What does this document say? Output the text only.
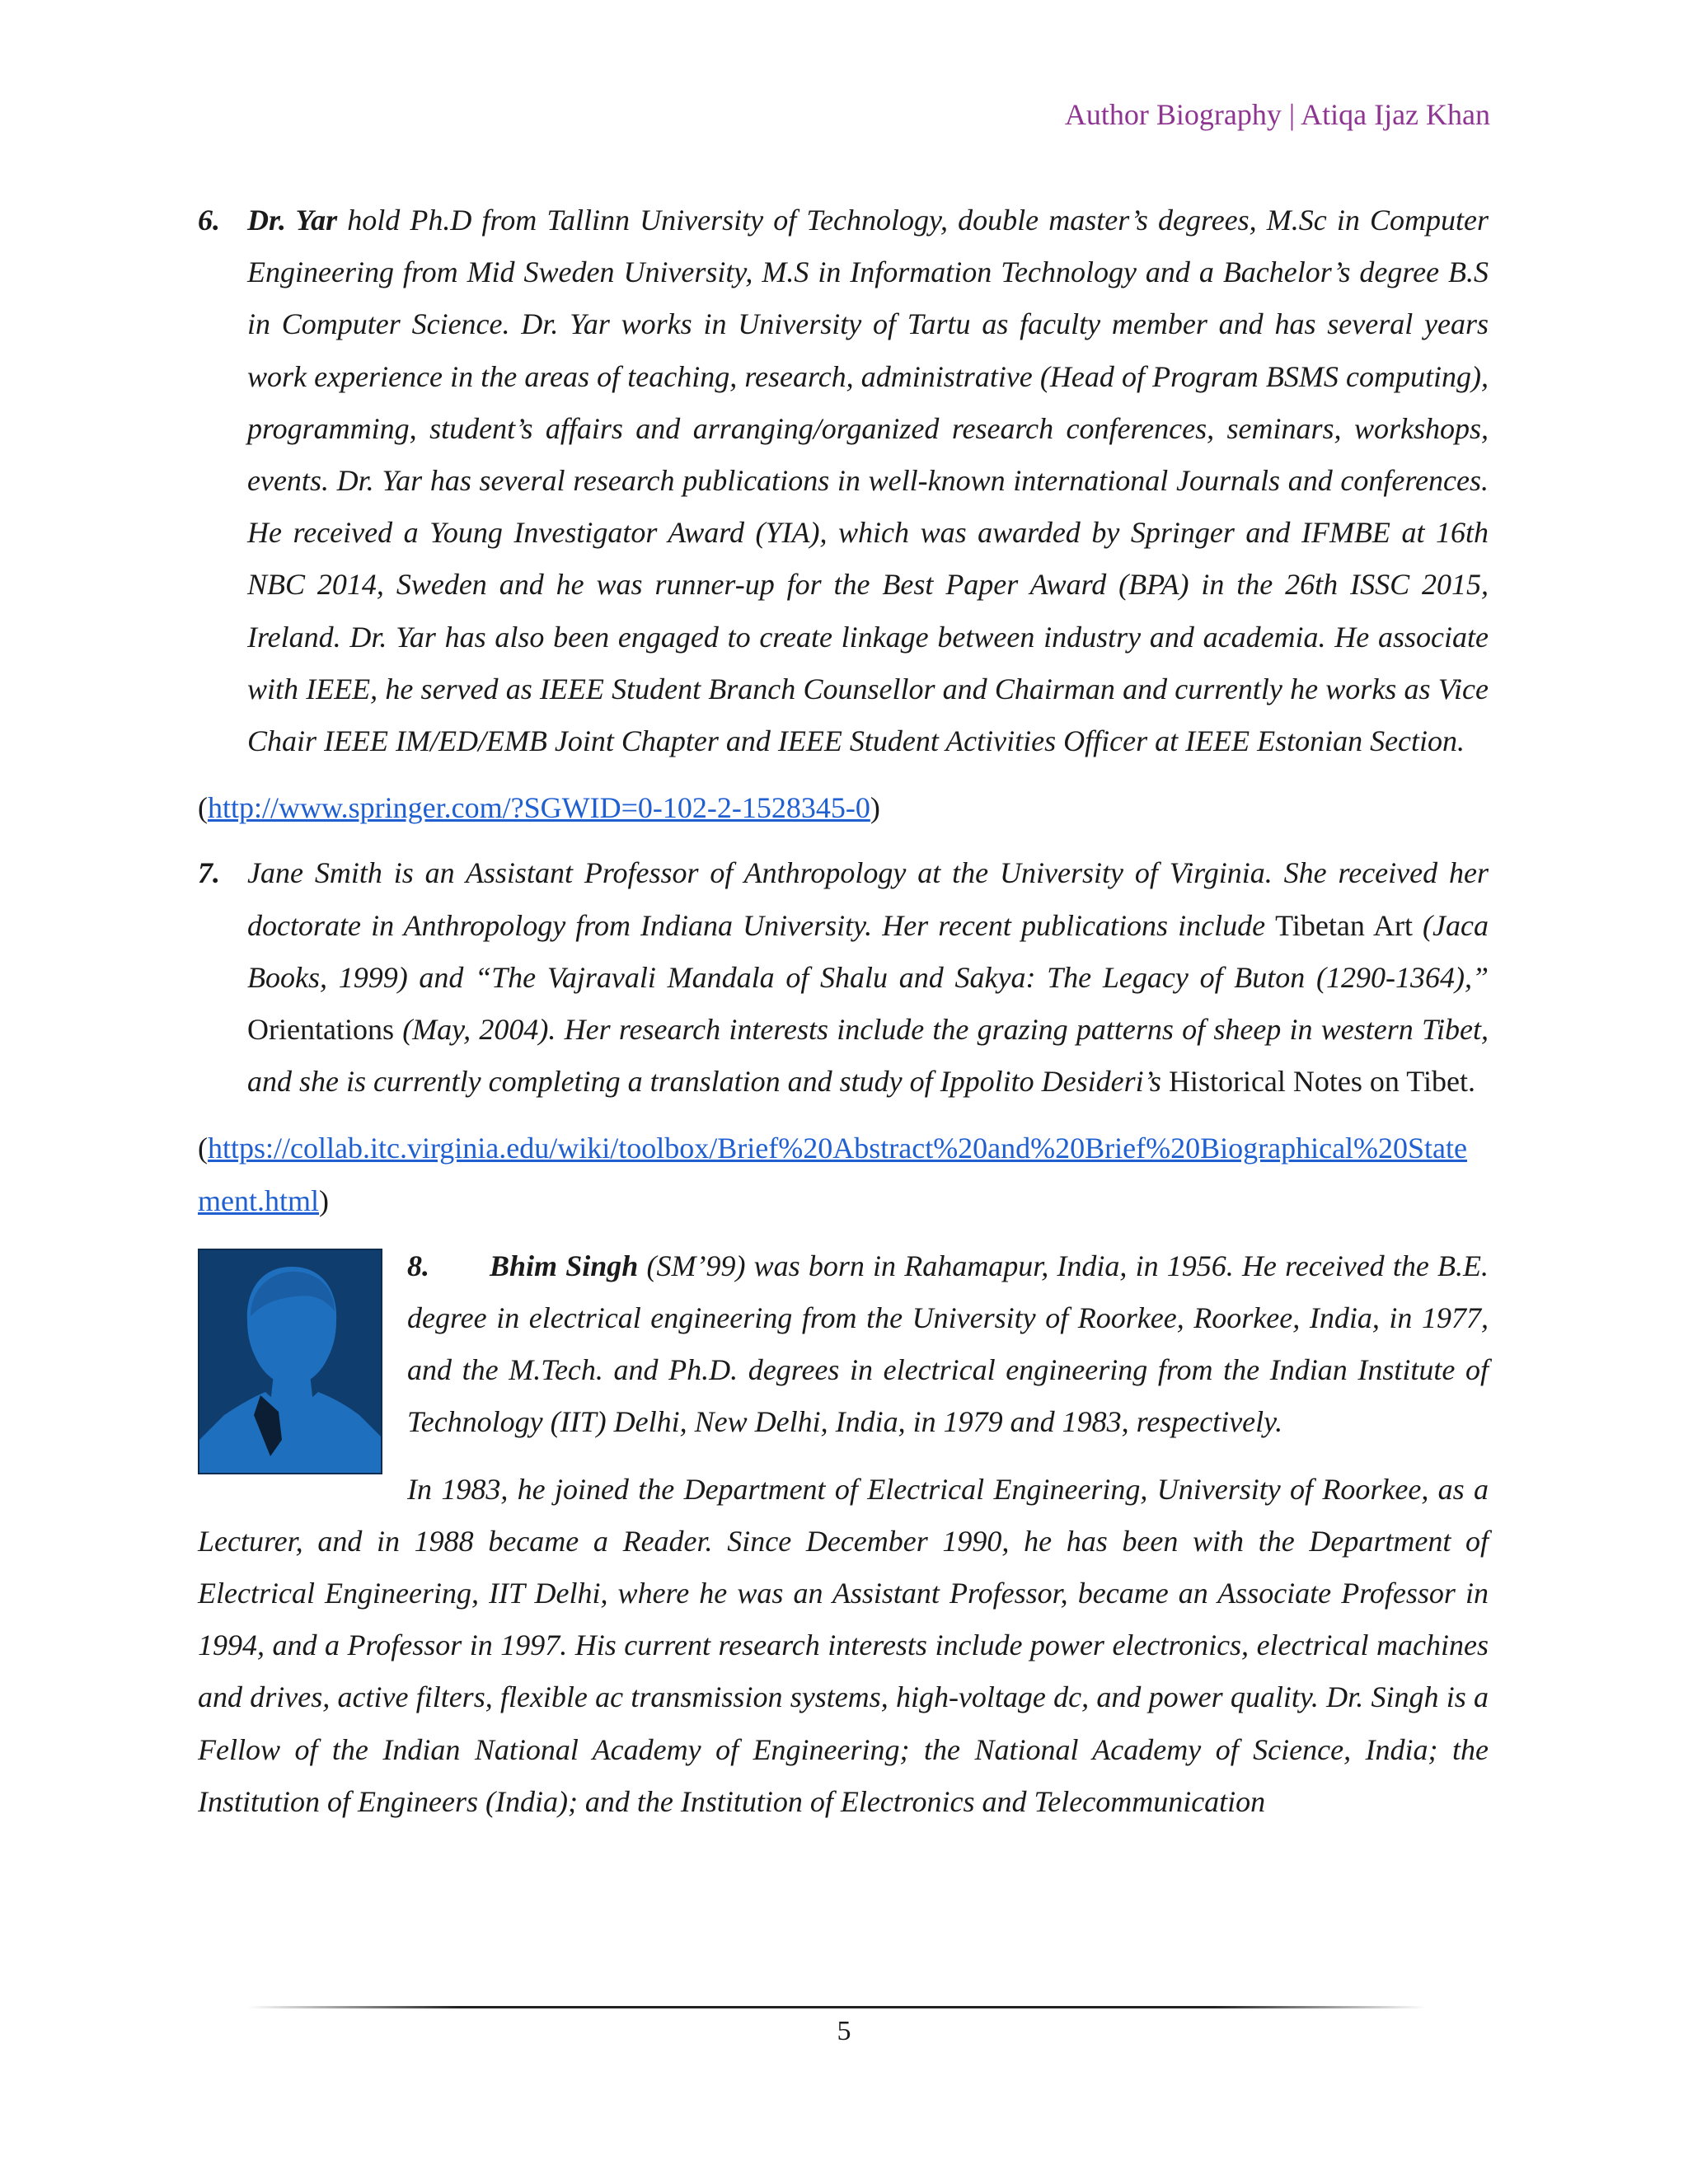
Author Biography | Atiqa Ijaz Khan
6. Dr. Yar hold Ph.D from Tallinn University of Technology, double master’s degrees, M.Sc in Computer Engineering from Mid Sweden University, M.S in Information Technology and a Bachelor’s degree B.S in Computer Science. Dr. Yar works in University of Tartu as faculty member and has several years work experience in the areas of teaching, research, administrative (Head of Program BSMS computing), programming, student’s affairs and arranging/organized research conferences, seminars, workshops, events. Dr. Yar has several research publications in well-known international Journals and conferences. He received a Young Investigator Award (YIA), which was awarded by Springer and IFMBE at 16th NBC 2014, Sweden and he was runner-up for the Best Paper Award (BPA) in the 26th ISSC 2015, Ireland. Dr. Yar has also been engaged to create linkage between industry and academia. He associate with IEEE, he served as IEEE Student Branch Counsellor and Chairman and currently he works as Vice Chair IEEE IM/ED/EMB Joint Chapter and IEEE Student Activities Officer at IEEE Estonian Section.
(http://www.springer.com/?SGWID=0-102-2-1528345-0)
7. Jane Smith is an Assistant Professor of Anthropology at the University of Virginia. She received her doctorate in Anthropology from Indiana University. Her recent publications include Tibetan Art (Jaca Books, 1999) and “The Vajravali Mandala of Shalu and Sakya: The Legacy of Buton (1290-1364),” Orientations (May, 2004). Her research interests include the grazing patterns of sheep in western Tibet, and she is currently completing a translation and study of Ippolito Desideri’s Historical Notes on Tibet.
(https://collab.itc.virginia.edu/wiki/toolbox/Brief%20Abstract%20and%20Brief%20Biographical%20Statement.html)

8. Bhim Singh (SM’99) was born in Rahamapur, India, in 1956. He received the B.E. degree in electrical engineering from the University of Roorkee, Roorkee, India, in 1977, and the M.Tech. and Ph.D. degrees in electrical engineering from the Indian Institute of Technology (IIT) Delhi, New Delhi, India, in 1979 and 1983, respectively.

In 1983, he joined the Department of Electrical Engineering, University of Roorkee, as a Lecturer, and in 1988 became a Reader. Since December 1990, he has been with the Department of Electrical Engineering, IIT Delhi, where he was an Assistant Professor, became an Associate Professor in 1994, and a Professor in 1997. His current research interests include power electronics, electrical machines and drives, active filters, flexible ac transmission systems, high-voltage dc, and power quality. Dr. Singh is a Fellow of the Indian National Academy of Engineering; the National Academy of Science, India; the Institution of Engineers (India); and the Institution of Electronics and Telecommunication

5
